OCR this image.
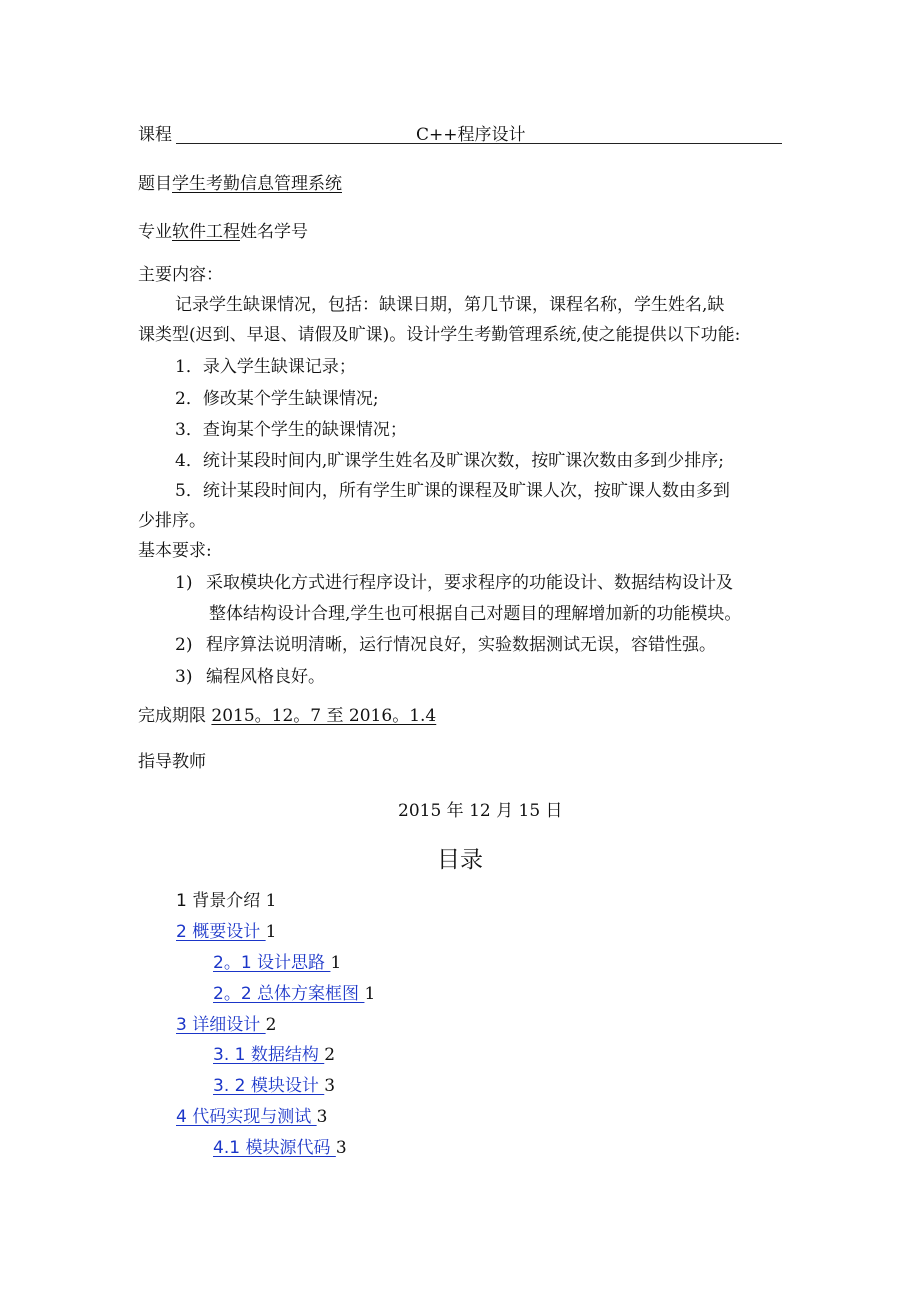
课程	C++程序设计
题目学生考勤信息管理系统
专业软件工程姓名学号
主要内容：
记录学生缺课情况，包括：缺课日期，第几节课，课程名称，学生姓名,缺
课类型(迟到、早退、请假及旷课)。设计学生考勤管理系统,使之能提供以下功能:
1．录入学生缺课记录；
2．修改某个学生缺课情况;
3．查询某个学生的缺课情况；
4．统计某段时间内,旷课学生姓名及旷课次数，按旷课次数由多到少排序;
5．统计某段时间内，所有学生旷课的课程及旷课人次，按旷课人数由多到
少排序。
基本要求:
1) 采取模块化方式进行程序设计，要求程序的功能设计、数据结构设计及
整体结构设计合理,学生也可根据自己对题目的理解增加新的功能模块。
2) 程序算法说明清晰，运行情况良好，实验数据测试无误，容错性强。
3) 编程风格良好。
完成期限 2015。12。7 至 2016。1.4
指导教师
2015 年 12 月 15 日
目录
1 背景介绍 1
2 概要设计 1
2。1 设计思路 1
2。2 总体方案框图 1
3 详细设计 2
3. 1 数据结构 2
3. 2 模块设计 3
4 代码实现与测试 3
4.1 模块源代码 3
